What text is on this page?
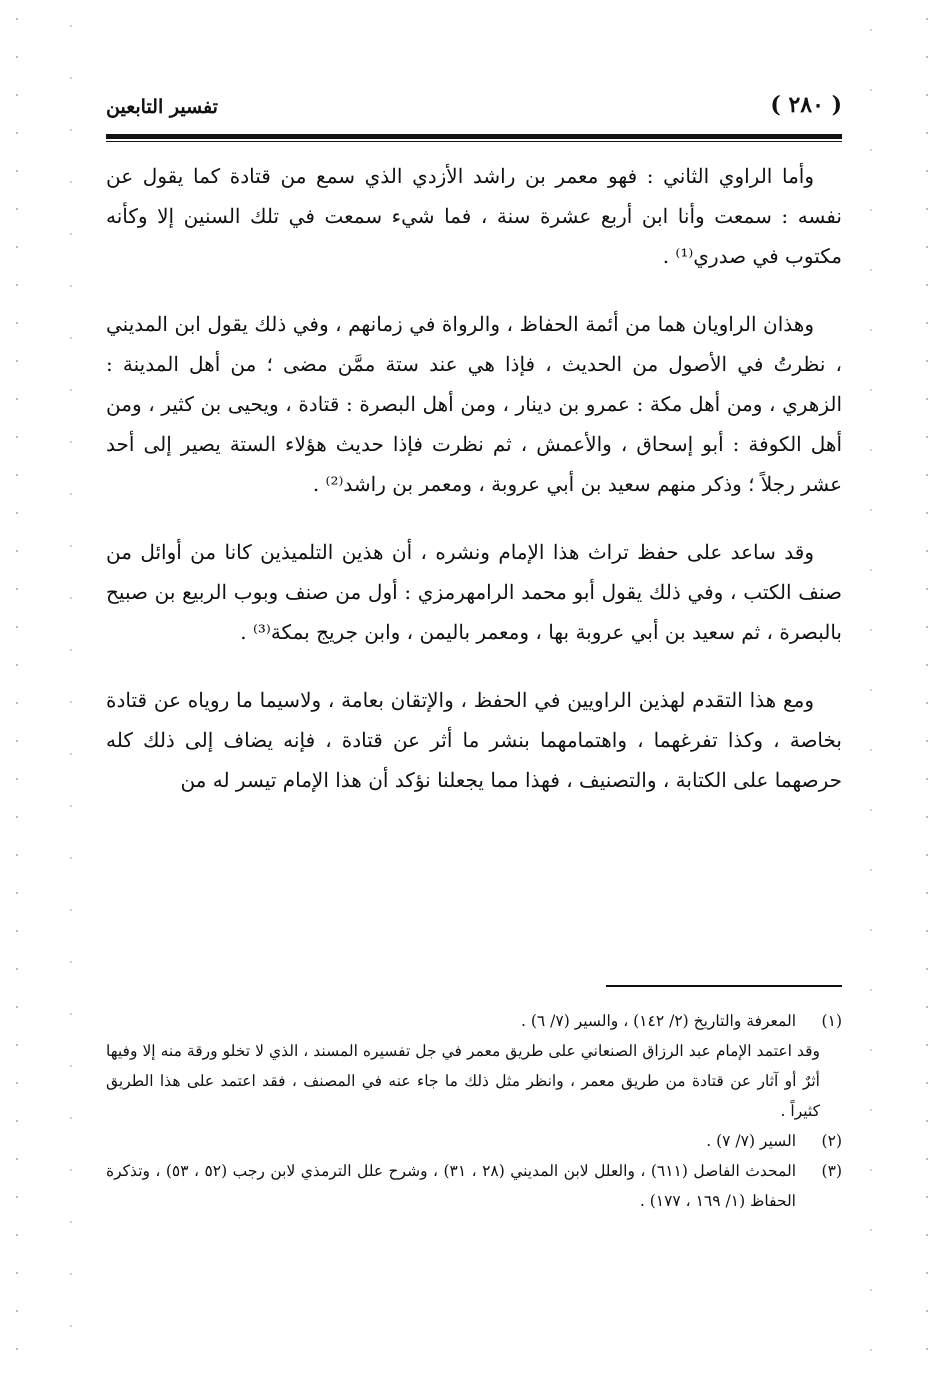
( ٢٨٠ )
تفسير التابعين

وأما الراوي الثاني : فهو معمر بن راشد الأزدي الذي سمع من قتادة كما يقول عن نفسه : سمعت وأنا ابن أربع عشرة سنة ، فما شيء سمعت في تلك السنين إلا وكأنه مكتوب في صدري⁽¹⁾ .

وهذان الراويان هما من أئمة الحفاظ ، والرواة في زمانهم ، وفي ذلك يقول ابن المديني ، نظرتُ في الأصول من الحديث ، فإذا هي عند ستة ممَّن مضى ؛ من أهل المدينة : الزهري ، ومن أهل مكة : عمرو بن دينار ، ومن أهل البصرة : قتادة ، ويحيى بن كثير ، ومن أهل الكوفة : أبو إسحاق ، والأعمش ، ثم نظرت فإذا حديث هؤلاء الستة يصير إلى أحد عشر رجلاً ؛ وذكر منهم سعيد بن أبي عروبة ، ومعمر بن راشد⁽²⁾ .

وقد ساعد على حفظ تراث هذا الإمام ونشره ، أن هذين التلميذين كانا من أوائل من صنف الكتب ، وفي ذلك يقول أبو محمد الرامهرمزي : أول من صنف وبوب الربيع بن صبيح بالبصرة ، ثم سعيد بن أبي عروبة بها ، ومعمر باليمن ، وابن جريج بمكة⁽³⁾ .

ومع هذا التقدم لهذين الراويين في الحفظ ، والإتقان بعامة ، ولاسيما ما روياه عن قتادة بخاصة ، وكذا تفرغهما ، واهتمامهما بنشر ما أثر عن قتادة ، فإنه يضاف إلى ذلك كله حرصهما على الكتابة ، والتصنيف ، فهذا مما يجعلنا نؤكد أن هذا الإمام تيسر له من

(١)
المعرفة والتاريخ (٢/ ١٤٢) ، والسير (٧/ ٦) .
وقد اعتمد الإمام عبد الرزاق الصنعاني على طريق معمر في جل تفسيره المسند ، الذي لا تخلو ورقة منه إلا وفيها أثرٌ أو آثار عن قتادة من طريق معمر ، وانظر مثل ذلك ما جاء عنه في المصنف ، فقد اعتمد على هذا الطريق كثيراً .
(٢)
السير (٧/ ٧) .
(٣)
المحدث الفاصل (٦١١) ، والعلل لابن المديني (٢٨ ، ٣١) ، وشرح علل الترمذي لابن رجب (٥٢ ، ٥٣) ، وتذكرة الحفاظ (١/ ١٦٩ ، ١٧٧) .
